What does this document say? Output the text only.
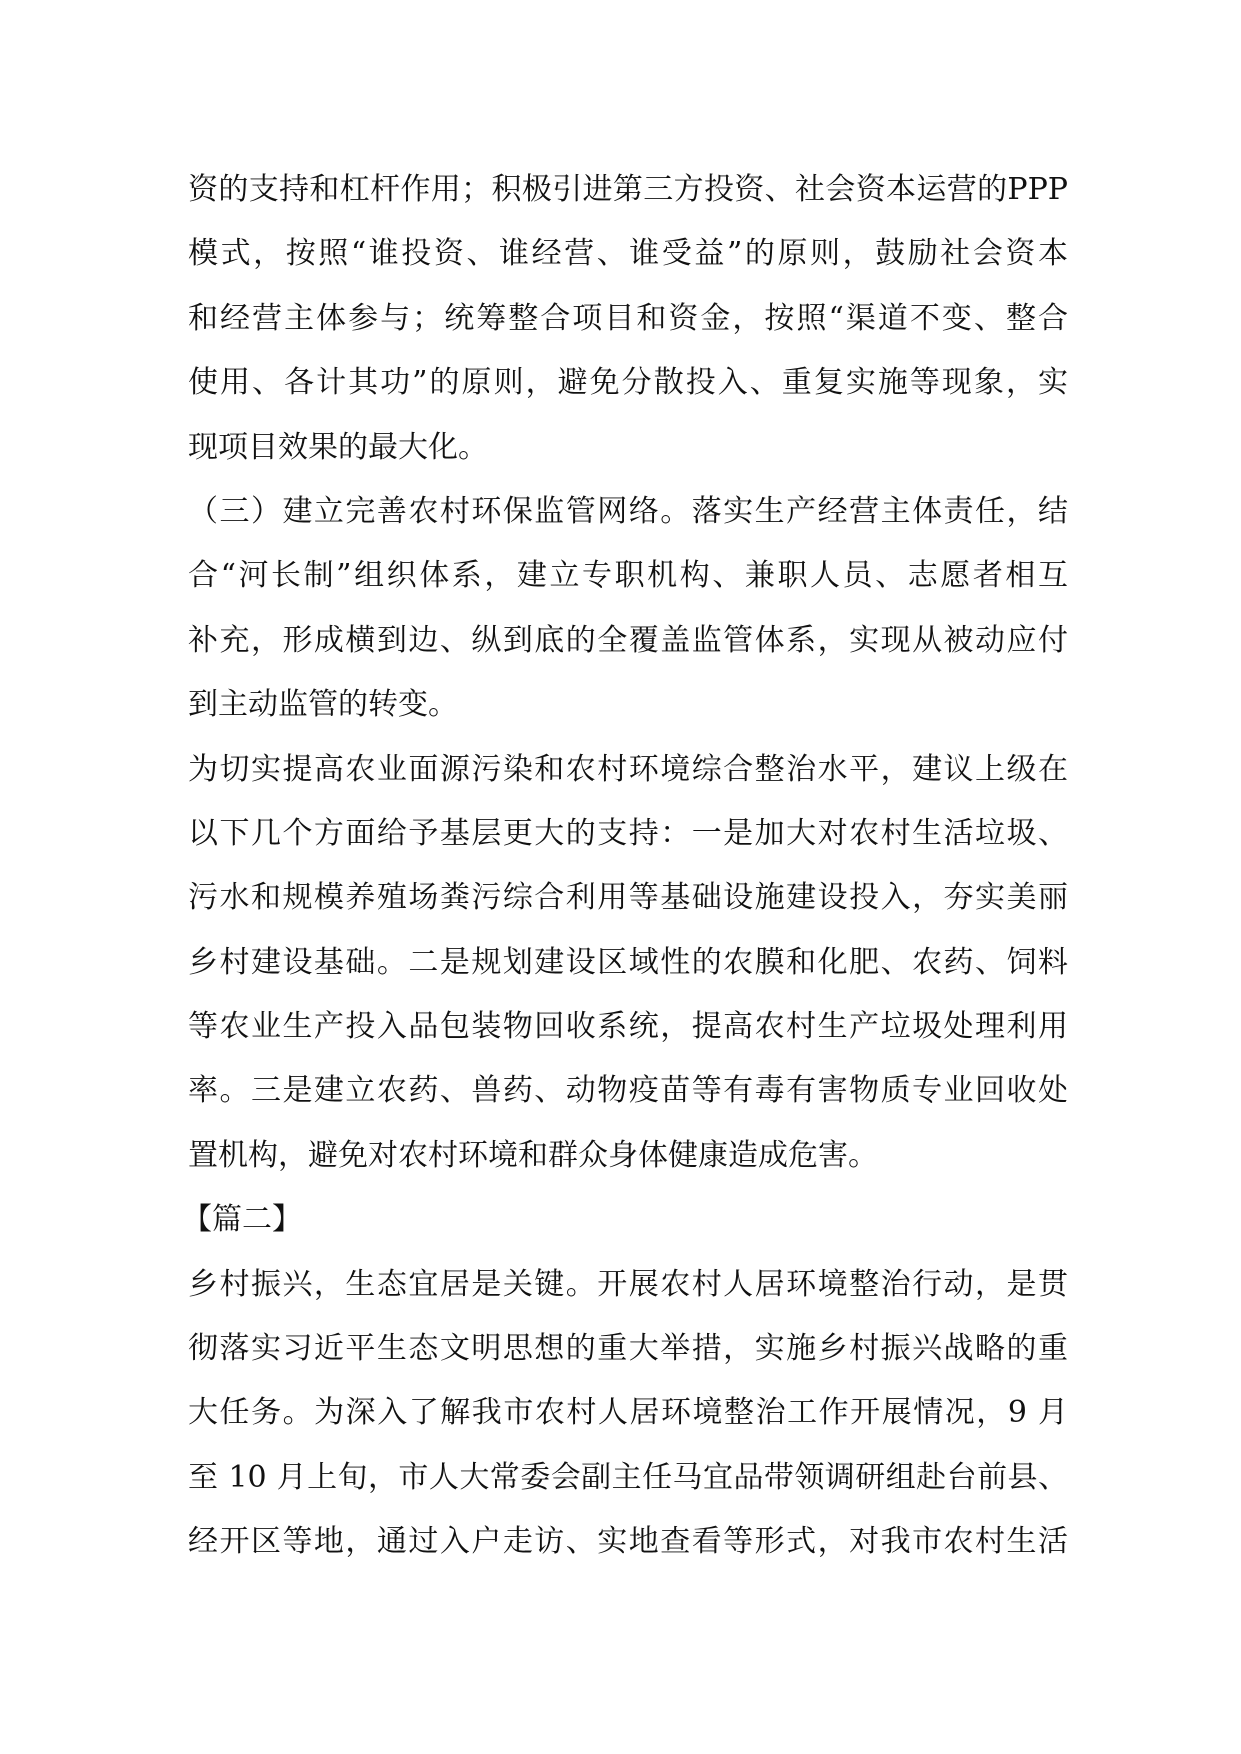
资的支持和杠杆作用；积极引进第三方投资、社会资本运营的PPP
模式，按照“谁投资、谁经营、谁受益”的原则，鼓励社会资本
和经营主体参与；统筹整合项目和资金，按照“渠道不变、整合
使用、各计其功”的原则，避免分散投入、重复实施等现象，实
现项目效果的最大化。
（三）建立完善农村环保监管网络。落实生产经营主体责任，结
合“河长制”组织体系，建立专职机构、兼职人员、志愿者相互
补充，形成横到边、纵到底的全覆盖监管体系，实现从被动应付
到主动监管的转变。
为切实提高农业面源污染和农村环境综合整治水平，建议上级在
以下几个方面给予基层更大的支持：一是加大对农村生活垃圾、
污水和规模养殖场粪污综合利用等基础设施建设投入，夯实美丽
乡村建设基础。二是规划建设区域性的农膜和化肥、农药、饲料
等农业生产投入品包装物回收系统，提高农村生产垃圾处理利用
率。三是建立农药、兽药、动物疫苗等有毒有害物质专业回收处
置机构，避免对农村环境和群众身体健康造成危害。
【篇二】
乡村振兴，生态宜居是关键。开展农村人居环境整治行动，是贯
彻落实习近平生态文明思想的重大举措，实施乡村振兴战略的重
大任务。为深入了解我市农村人居环境整治工作开展情况，9 月
至 10 月上旬，市人大常委会副主任马宜品带领调研组赴台前县、
经开区等地，通过入户走访、实地查看等形式，对我市农村生活
